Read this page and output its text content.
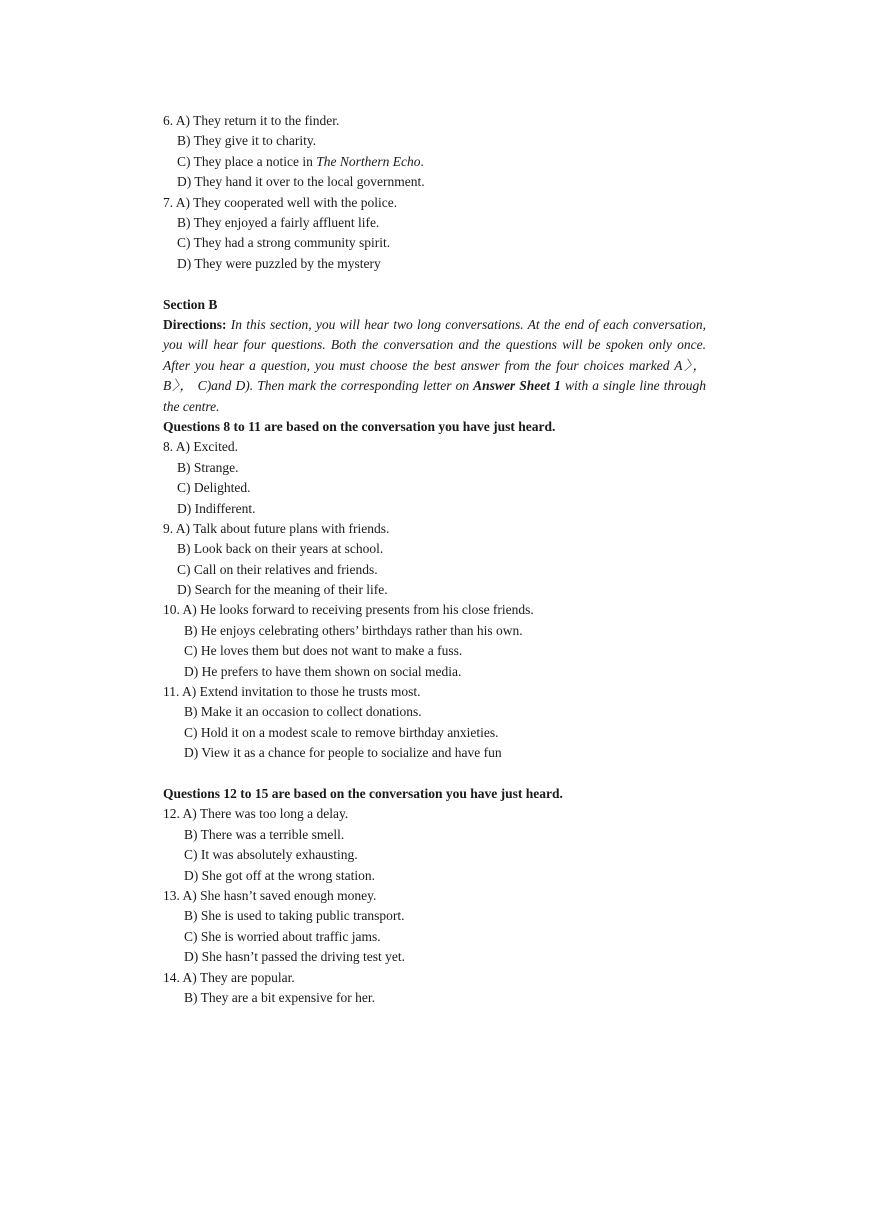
6. A) They return it to the finder.
B) They give it to charity.
C) They place a notice in The Northern Echo.
D) They hand it over to the local government.
7. A) They cooperated well with the police.
B) They enjoyed a fairly affluent life.
C) They had a strong community spirit.
D) They were puzzled by the mystery
Section B
Directions: In this section, you will hear two long conversations. At the end of each conversation, you will hear four questions. Both the conversation and the questions will be spoken only once. After you hear a question, you must choose the best answer from the four choices marked A〉， B〉， C)and D). Then mark the corresponding letter on Answer Sheet 1 with a single line through the centre.
Questions 8 to 11 are based on the conversation you have just heard.
8. A) Excited.
B) Strange.
C) Delighted.
D) Indifferent.
9. A) Talk about future plans with friends.
B) Look back on their years at school.
C) Call on their relatives and friends.
D) Search for the meaning of their life.
10. A) He looks forward to receiving presents from his close friends.
B) He enjoys celebrating others’ birthdays rather than his own.
C) He loves them but does not want to make a fuss.
D) He prefers to have them shown on social media.
11. A) Extend invitation to those he trusts most.
B) Make it an occasion to collect donations.
C) Hold it on a modest scale to remove birthday anxieties.
D) View it as a chance for people to socialize and have fun
Questions 12 to 15 are based on the conversation you have just heard.
12. A) There was too long a delay.
B) There was a terrible smell.
C) It was absolutely exhausting.
D) She got off at the wrong station.
13. A) She hasn’t saved enough money.
B) She is used to taking public transport.
C) She is worried about traffic jams.
D) She hasn’t passed the driving test yet.
14. A) They are popular.
B) They are a bit expensive for her.
